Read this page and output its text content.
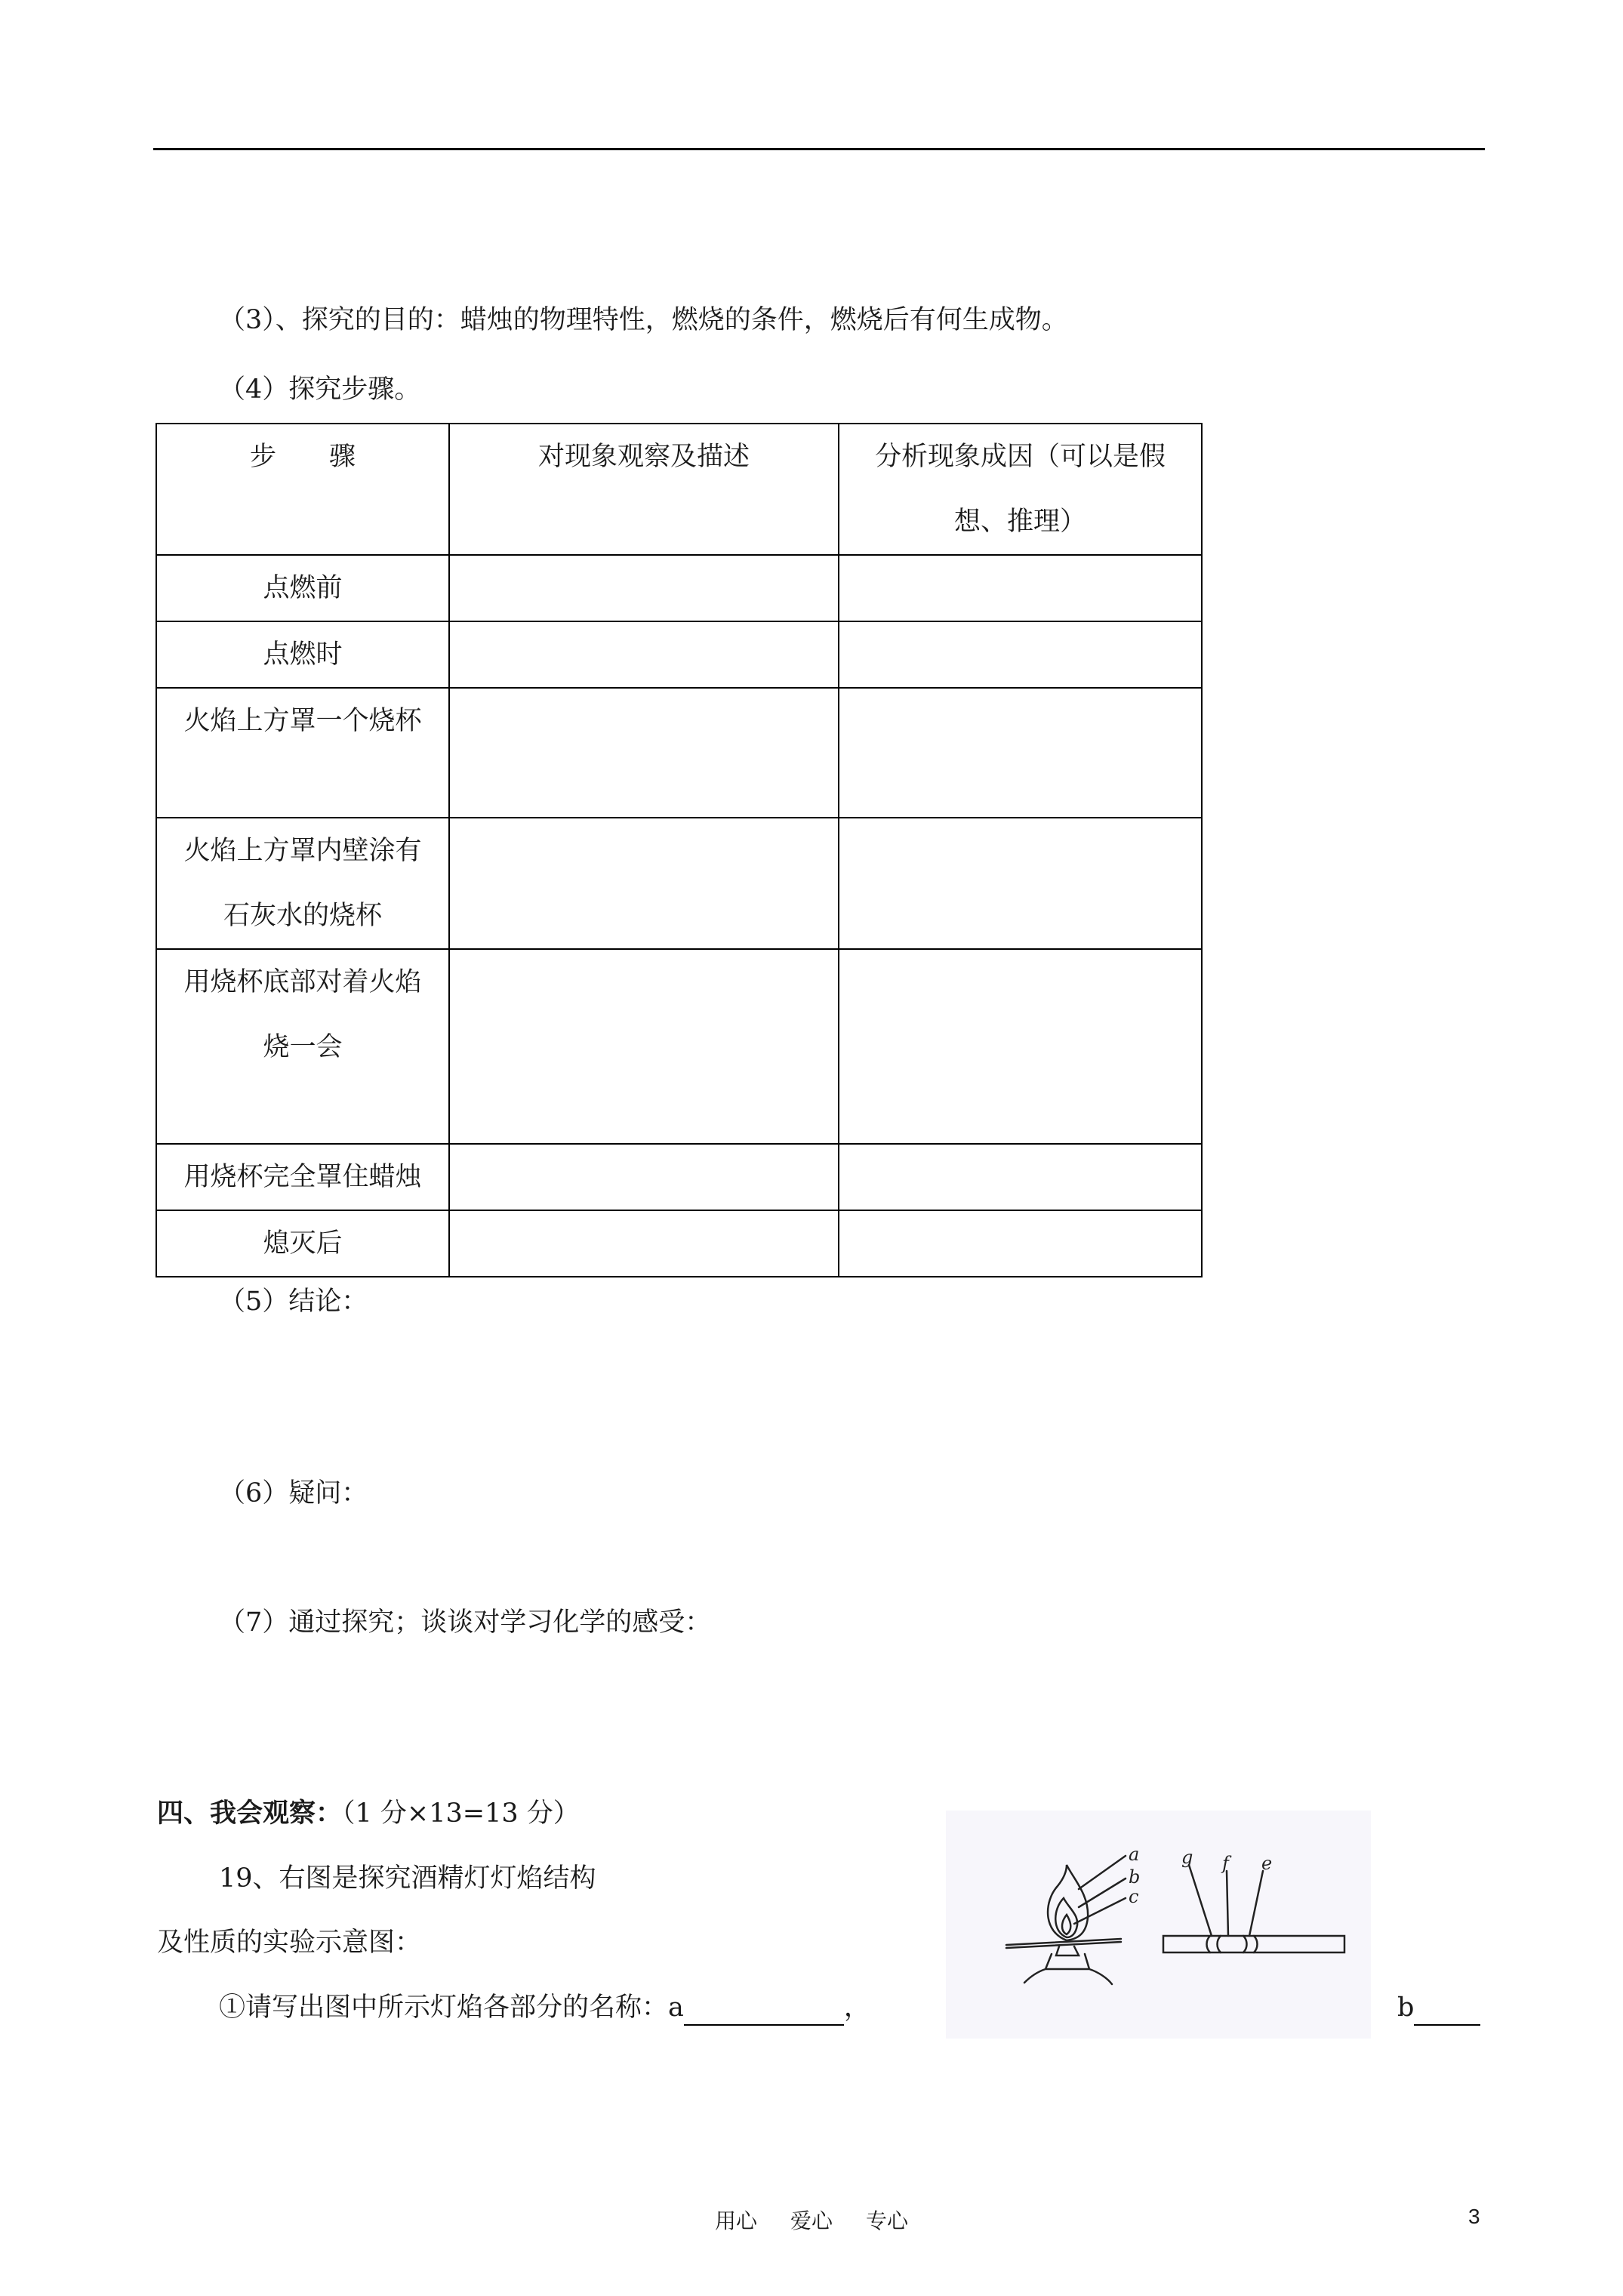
（3）、探究的目的：蜡烛的物理特性，燃烧的条件，燃烧后有何生成物。
（4）探究步骤。
步　　骤	对现象观察及描述	分析现象成因（可以是假
想、推理）

点燃前		

点燃时		

火焰上方罩一个烧杯		

火焰上方罩内壁涂有
石灰水的烧杯		

用烧杯底部对着火焰
烧一会		

用烧杯完全罩住蜡烛		

熄灭后		

（5）结论：
（6）疑问：
（7）通过探究；谈谈对学习化学的感受：
四、我会观察：（1 分×13=13 分）
19、右图是探究酒精灯灯焰结构
及性质的实验示意图：
①请写出图中所示灯焰各部分的名称：a	，	b
a
b
c
g f e
用心 爱心 专心	3
